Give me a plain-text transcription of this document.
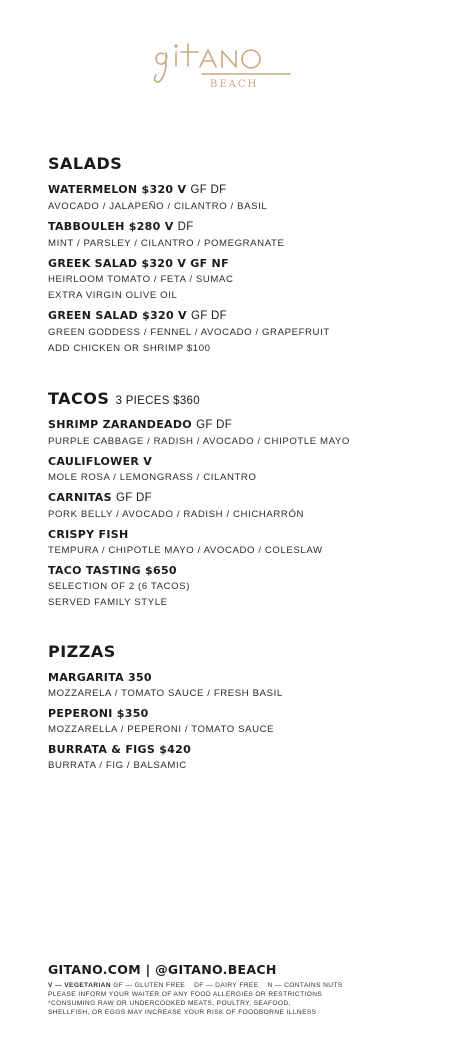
BEACH
SALADS
WATERMELON $320 V GF DF
AVOCADO / JALAPEÑO / CILANTRO / BASIL
TABBOULEH $280 V DF
MINT / PARSLEY / CILANTRO / POMEGRANATE
GREEK SALAD $320 V GF NF
HEIRLOOM TOMATO / FETA / SUMAC
EXTRA VIRGIN OLIVE OIL
GREEN SALAD $320 V GF DF
GREEN GODDESS / FENNEL / AVOCADO / GRAPEFRUIT
ADD CHICKEN OR SHRIMP $100
TACOS 3 PIECES $360
SHRIMP ZARANDEADO GF DF
PURPLE CABBAGE / RADISH / AVOCADO / CHIPOTLE MAYO
CAULIFLOWER V
MOLE ROSA / LEMONGRASS / CILANTRO
CARNITAS GF DF
PORK BELLY / AVOCADO / RADISH / CHICHARRÓN
CRISPY FISH
TEMPURA / CHIPOTLE MAYO / AVOCADO / COLESLAW
TACO TASTING $650
SELECTION OF 2 (6 TACOS)
SERVED FAMILY STYLE
PIZZAS
MARGARITA 350
MOZZARELA / TOMATO SAUCE / FRESH BASIL
PEPERONI $350
MOZZARELLA / PEPERONI / TOMATO SAUCE
BURRATA & FIGS $420
BURRATA / FIG / BALSAMIC
GITANO.COM | @GITANO.BEACH
V — VEGETARIAN GF — GLUTEN FREE    DF — DAIRY FREE    N — CONTAINS NUTS
PLEASE INFORM YOUR WAITER OF ANY FOOD ALLERGIES OR RESTRICTIONS
*CONSUMING RAW OR UNDERCOOKED MEATS, POULTRY, SEAFOOD,
SHELLFISH, OR EGGS MAY INCREASE YOUR RISK OF FOODBORNE ILLNESS
